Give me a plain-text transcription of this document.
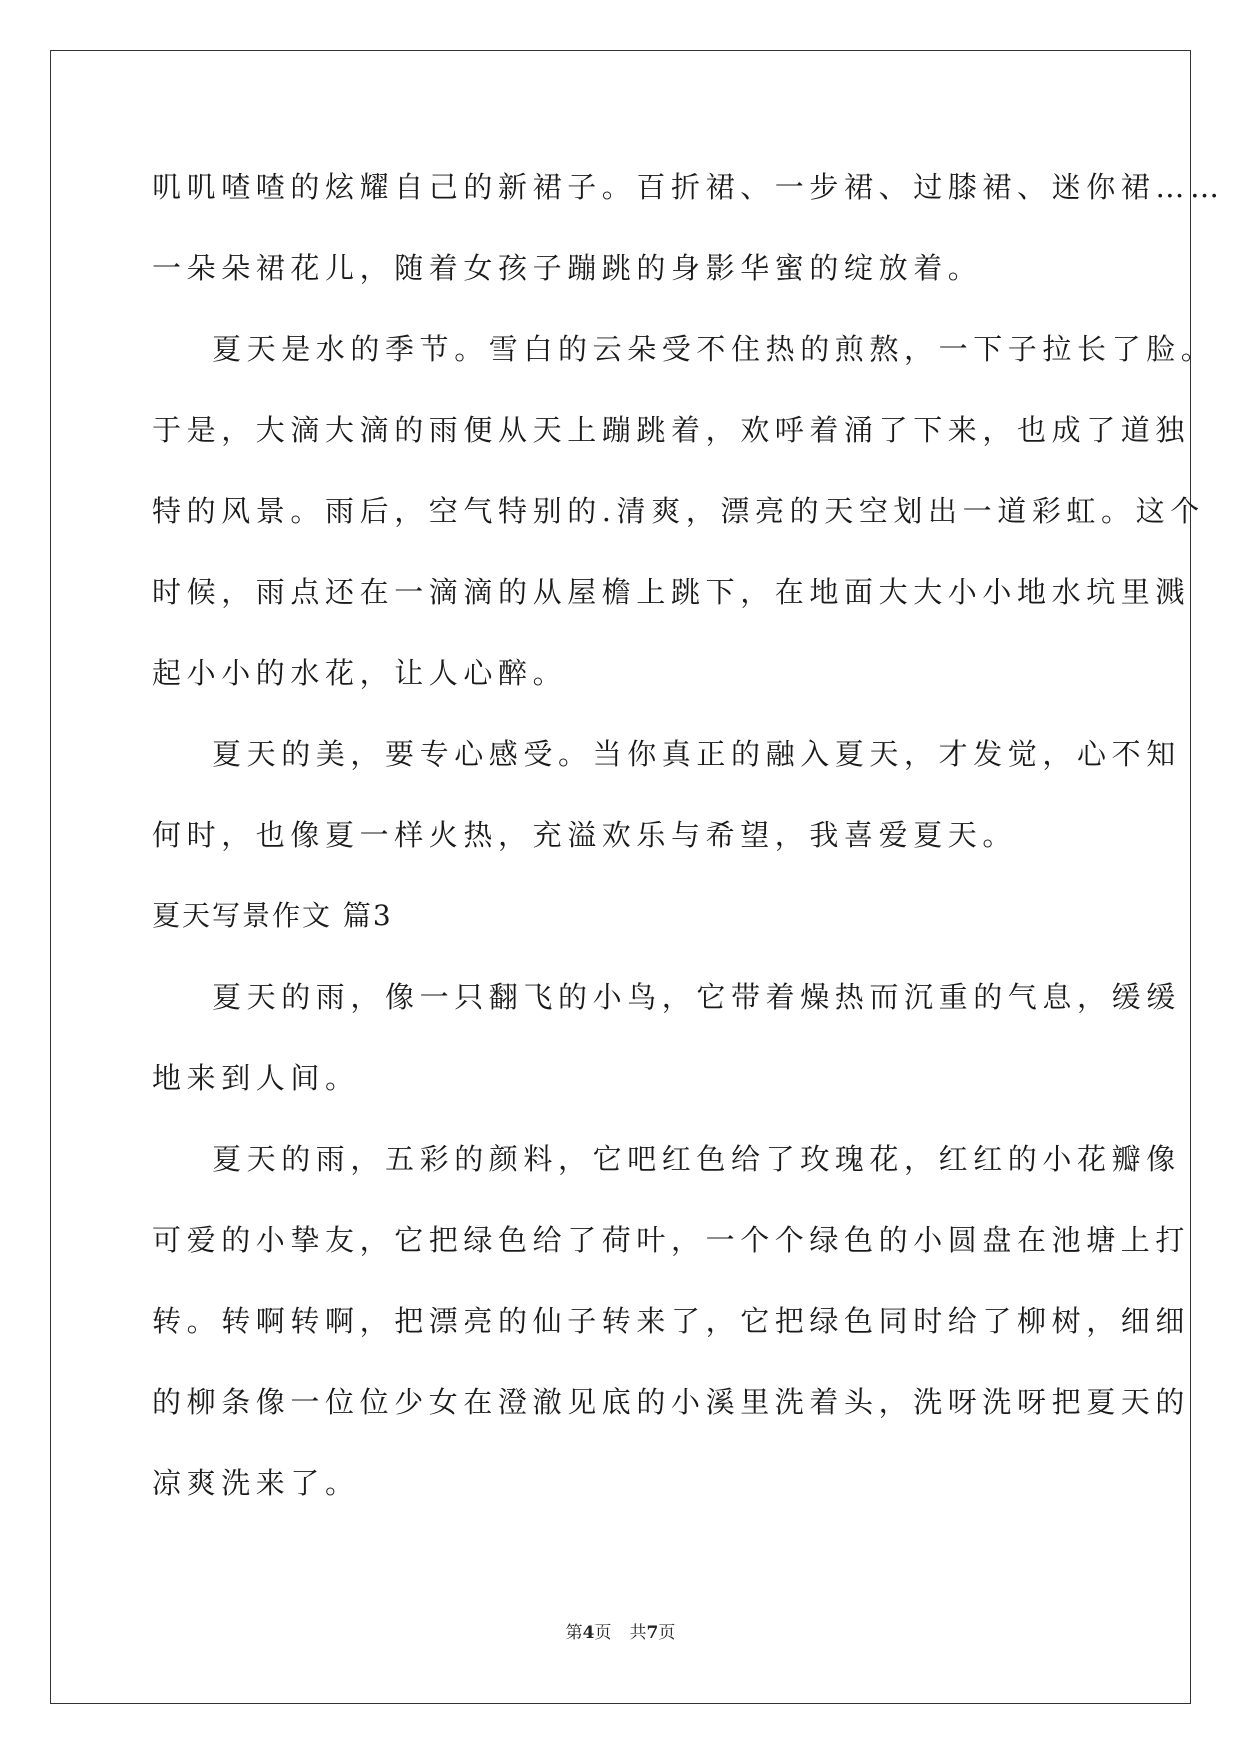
叽叽喳喳的炫耀自己的新裙子。百折裙、一步裙、过膝裙、迷你裙……
一朵朵裙花儿，随着女孩子蹦跳的身影华蜜的绽放着。
夏天是水的季节。雪白的云朵受不住热的煎熬，一下子拉长了脸。
于是，大滴大滴的雨便从天上蹦跳着，欢呼着涌了下来，也成了道独
特的风景。雨后，空气特别的.清爽，漂亮的天空划出一道彩虹。这个
时候，雨点还在一滴滴的从屋檐上跳下，在地面大大小小地水坑里溅
起小小的水花，让人心醉。
夏天的美，要专心感受。当你真正的融入夏天，才发觉，心不知
何时，也像夏一样火热，充溢欢乐与希望，我喜爱夏天。
夏天写景作文 篇3
夏天的雨，像一只翻飞的小鸟，它带着燥热而沉重的气息，缓缓
地来到人间。
夏天的雨，五彩的颜料，它吧红色给了玫瑰花，红红的小花瓣像
可爱的小挚友，它把绿色给了荷叶，一个个绿色的小圆盘在池塘上打
转。转啊转啊，把漂亮的仙子转来了，它把绿色同时给了柳树，细细
的柳条像一位位少女在澄澈见底的小溪里洗着头，洗呀洗呀把夏天的
凉爽洗来了。
第4页 共7页
